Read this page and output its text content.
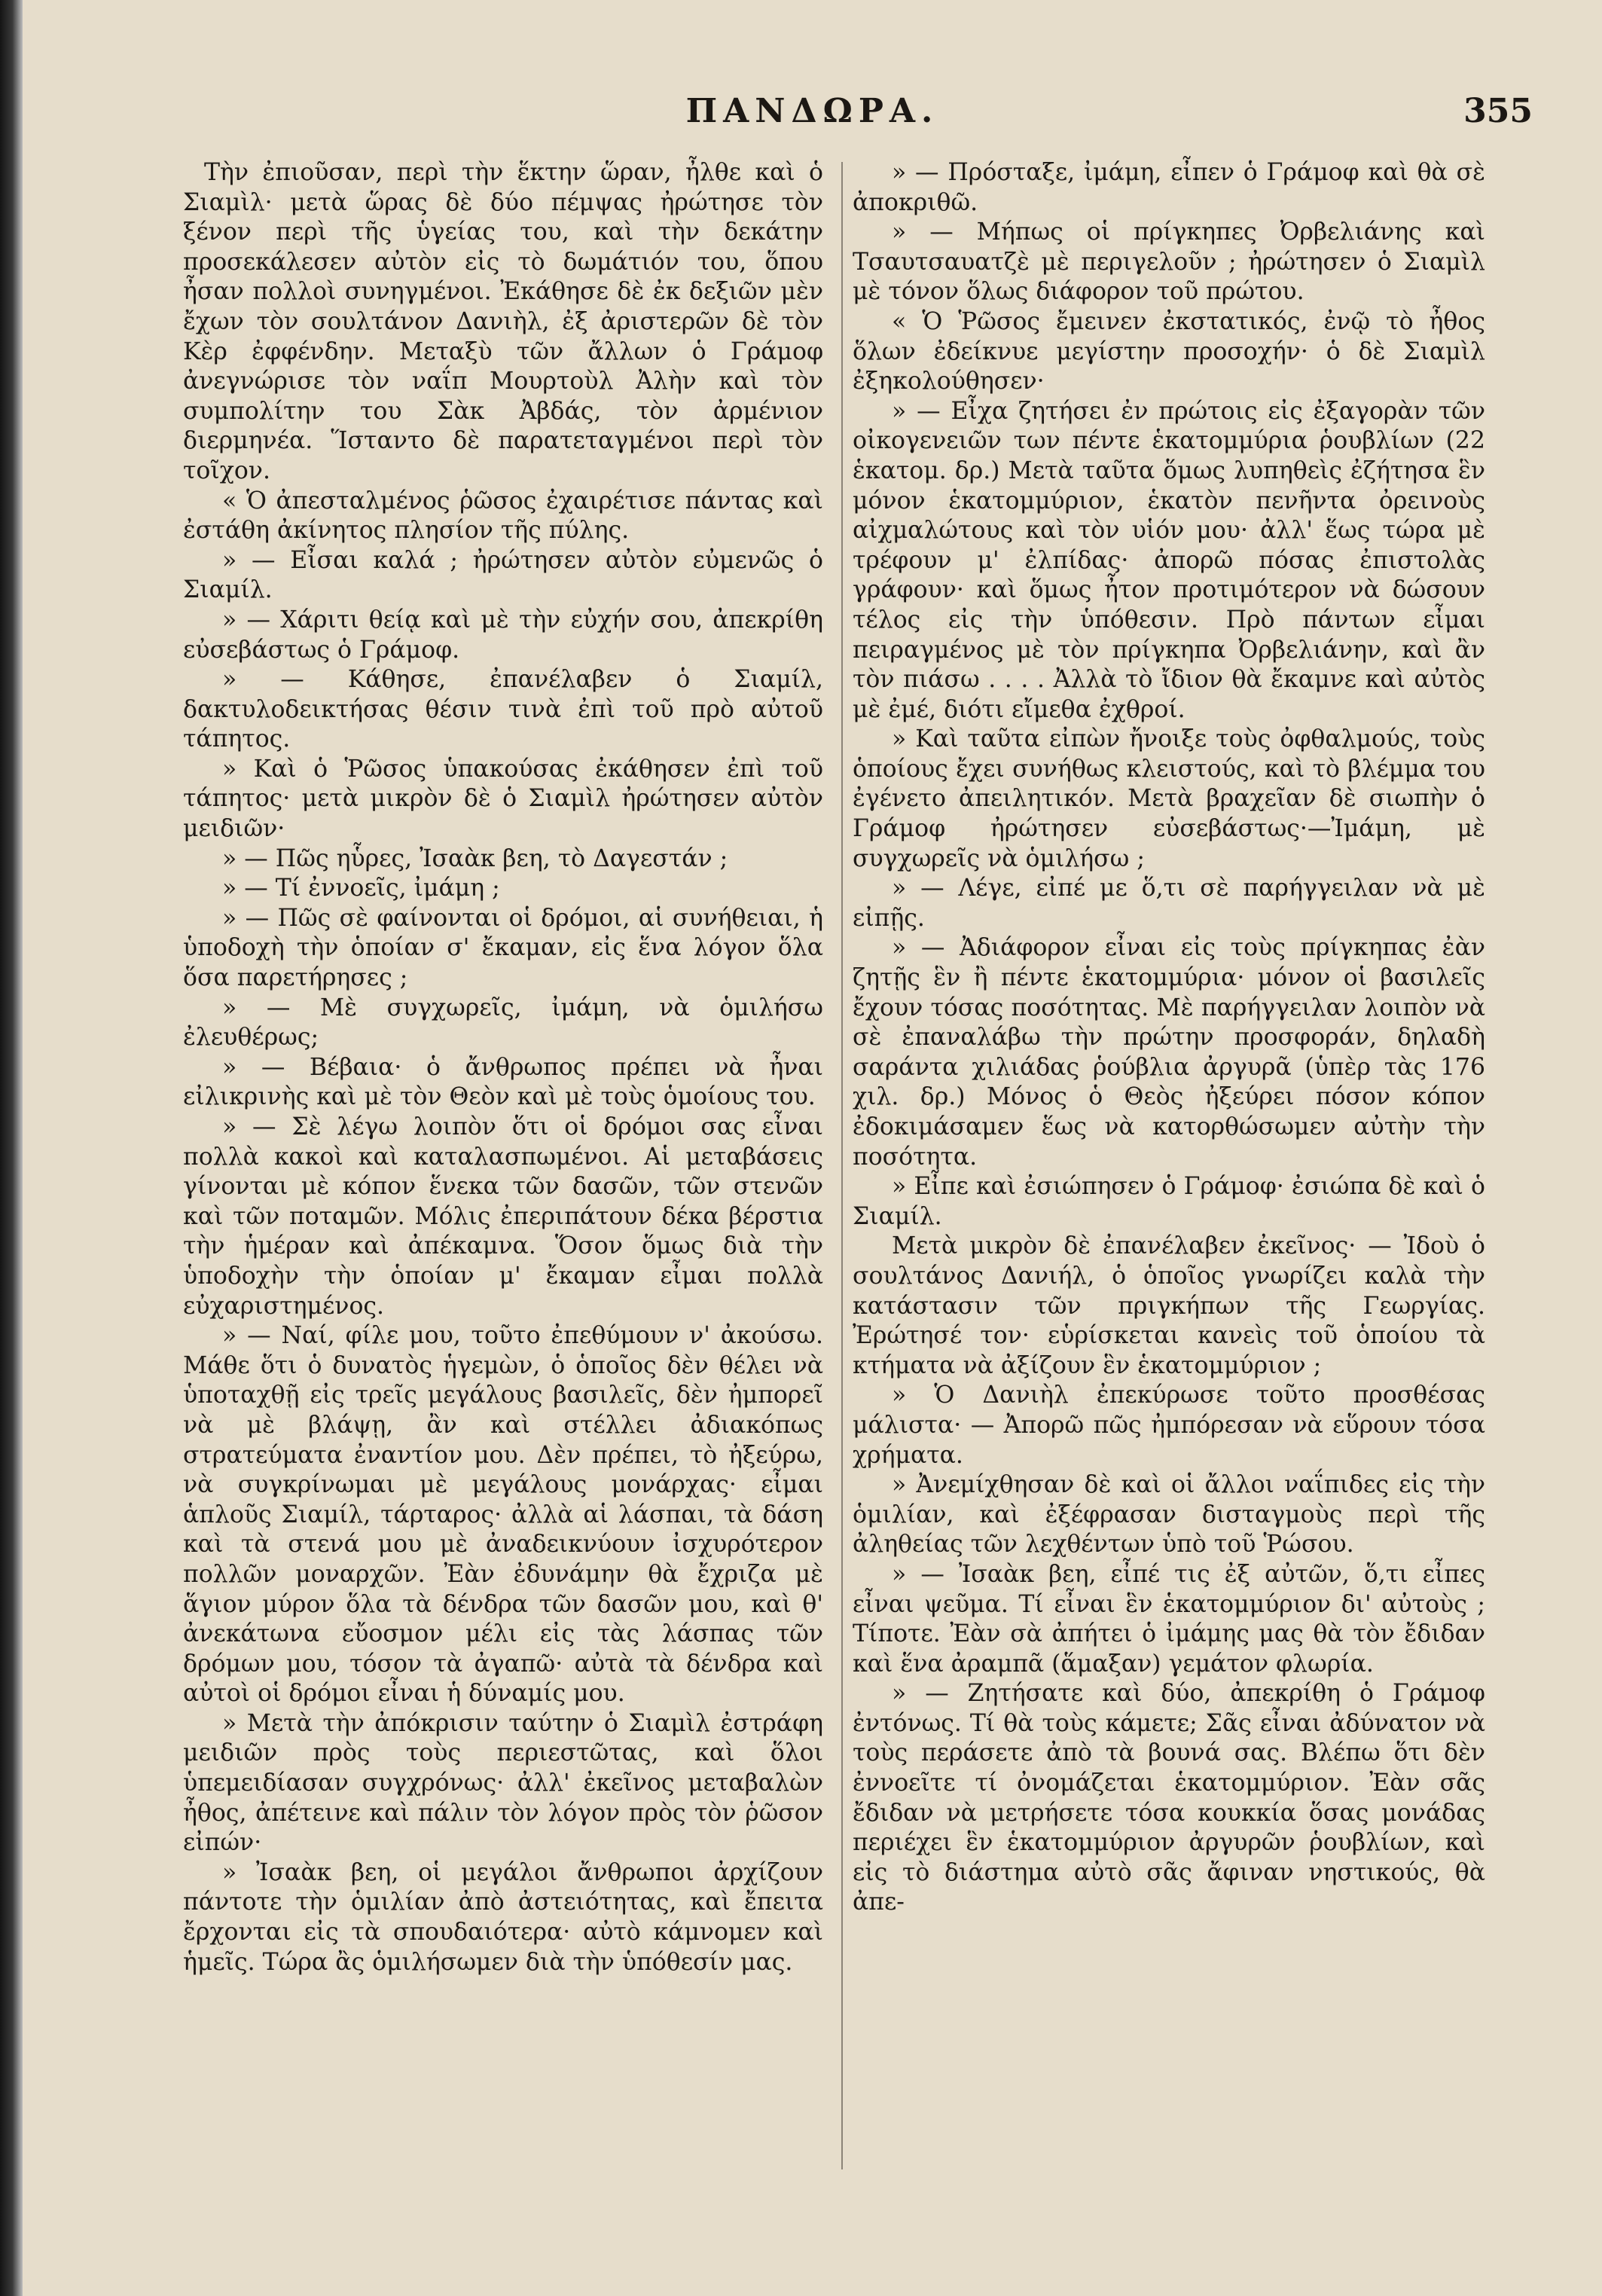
ΠΑΝΔΩΡΑ.	355

Τὴν ἐπιοῦσαν, περὶ τὴν ἕκτην ὥραν, ἦλθε καὶ ὁ Σιαμὶλ· μετὰ ὥρας δὲ δύο πέμψας ἠρώτησε τὸν ξένον περὶ τῆς ὑγείας του, καὶ τὴν δεκάτην προσεκάλεσεν αὐτὸν εἰς τὸ δωμάτιόν του, ὅπου ἦσαν πολλοὶ συνηγμένοι. Ἐκάθησε δὲ ἐκ δεξιῶν μὲν ἔχων τὸν σουλτάνον Δανιὴλ, ἐξ ἀριστερῶν δὲ τὸν Κὲρ ἐφφένδην. Μεταξὺ τῶν ἄλλων ὁ Γράμοφ ἀνεγνώρισε τὸν ναΐπ Μουρτοὺλ Ἀλὴν καὶ τὸν συμπολίτην του Σὰκ Ἀβδάς, τὸν ἀρμένιον διερμηνέα. Ἵσταντο δὲ παρατεταγμένοι περὶ τὸν τοῖχον.

« Ὁ ἀπεσταλμένος ῥῶσος ἐχαιρέτισε πάντας καὶ ἐστάθη ἀκίνητος πλησίον τῆς πύλης.

» — Εἶσαι καλά ; ἠρώτησεν αὐτὸν εὐμενῶς ὁ Σιαμίλ.

» — Χάριτι θείᾳ καὶ μὲ τὴν εὐχήν σου, ἀπεκρίθη εὐσεβάστως ὁ Γράμοφ.

» — Κάθησε, ἐπανέλαβεν ὁ Σιαμίλ, δακτυλοδεικτήσας θέσιν τινὰ ἐπὶ τοῦ πρὸ αὐτοῦ τάπητος.

» Καὶ ὁ Ῥῶσος ὑπακούσας ἐκάθησεν ἐπὶ τοῦ τάπητος· μετὰ μικρὸν δὲ ὁ Σιαμὶλ ἠρώτησεν αὐτὸν μειδιῶν·

» — Πῶς ηὗρες, Ἰσαὰκ βεη, τὸ Δαγεστάν ;

» — Τί ἐννοεῖς, ἰμάμη ;

» — Πῶς σὲ φαίνονται οἱ δρόμοι, αἱ συνήθειαι, ἡ ὑποδοχὴ τὴν ὁποίαν σ' ἔκαμαν, εἰς ἕνα λόγον ὅλα ὅσα παρετήρησες ;

» — Μὲ συγχωρεῖς, ἰμάμη, νὰ ὁμιλήσω ἐλευθέρως;

» — Βέβαια· ὁ ἄνθρωπος πρέπει νὰ ἦναι εἰλικρινὴς καὶ μὲ τὸν Θεὸν καὶ μὲ τοὺς ὁμοίους του.

» — Σὲ λέγω λοιπὸν ὅτι οἱ δρόμοι σας εἶναι πολλὰ κακοὶ καὶ καταλασπωμένοι. Αἱ μεταβάσεις γίνονται μὲ κόπον ἕνεκα τῶν δασῶν, τῶν στενῶν καὶ τῶν ποταμῶν. Μόλις ἐπεριπάτουν δέκα βέρστια τὴν ἡμέραν καὶ ἀπέκαμνα. Ὅσον ὅμως διὰ τὴν ὑποδοχὴν τὴν ὁποίαν μ' ἔκαμαν εἶμαι πολλὰ εὐχαριστημένος.

» — Ναί, φίλε μου, τοῦτο ἐπεθύμουν ν' ἀκούσω. Μάθε ὅτι ὁ δυνατὸς ἡγεμὼν, ὁ ὁποῖος δὲν θέλει νὰ ὑποταχθῇ εἰς τρεῖς μεγάλους βασιλεῖς, δὲν ἠμπορεῖ νὰ μὲ βλάψῃ, ἂν καὶ στέλλει ἀδιακόπως στρατεύματα ἐναντίον μου. Δὲν πρέπει, τὸ ἠξεύρω, νὰ συγκρίνωμαι μὲ μεγάλους μονάρχας· εἶμαι ἁπλοῦς Σιαμίλ, τάρταρος· ἀλλὰ αἱ λάσπαι, τὰ δάση καὶ τὰ στενά μου μὲ ἀναδεικνύουν ἰσχυρότερον πολλῶν μοναρχῶν. Ἐὰν ἐδυνάμην θὰ ἔχριζα μὲ ἅγιον μύρον ὅλα τὰ δένδρα τῶν δασῶν μου, καὶ θ' ἀνεκάτωνα εὔοσμον μέλι εἰς τὰς λάσπας τῶν δρόμων μου, τόσον τὰ ἀγαπῶ· αὐτὰ τὰ δένδρα καὶ αὐτοὶ οἱ δρόμοι εἶναι ἡ δύναμίς μου.

» Μετὰ τὴν ἀπόκρισιν ταύτην ὁ Σιαμὶλ ἐστράφη μειδιῶν πρὸς τοὺς περιεστῶτας, καὶ ὅλοι ὑπεμειδίασαν συγχρόνως· ἀλλ' ἐκεῖνος μεταβαλὼν ἦθος, ἀπέτεινε καὶ πάλιν τὸν λόγον πρὸς τὸν ῥῶσον εἰπών·

» Ἰσαὰκ βεη, οἱ μεγάλοι ἄνθρωποι ἀρχίζουν πάντοτε τὴν ὁμιλίαν ἀπὸ ἀστειότητας, καὶ ἔπειτα ἔρχονται εἰς τὰ σπουδαιότερα· αὐτὸ κάμνομεν καὶ ἡμεῖς. Τώρα ἂς ὁμιλήσωμεν διὰ τὴν ὑπόθεσίν μας.

» — Πρόσταξε, ἰμάμη, εἶπεν ὁ Γράμοφ καὶ θὰ σὲ ἀποκριθῶ.

» — Μήπως οἱ πρίγκηπες Ὀρβελιάνης καὶ Τσαυτσαυατζὲ μὲ περιγελοῦν ; ἠρώτησεν ὁ Σιαμὶλ μὲ τόνον ὅλως διάφορον τοῦ πρώτου.

« Ὁ Ῥῶσος ἔμεινεν ἐκστατικός, ἐνῷ τὸ ἦθος ὅλων ἐδείκνυε μεγίστην προσοχήν· ὁ δὲ Σιαμὶλ ἐξηκολούθησεν·

» — Εἶχα ζητήσει ἐν πρώτοις εἰς ἐξαγορὰν τῶν οἰκογενειῶν των πέντε ἑκατομμύρια ῥουβλίων (22 ἑκατομ. δρ.) Μετὰ ταῦτα ὅμως λυπηθεὶς ἐζήτησα ἓν μόνον ἑκατομμύριον, ἑκατὸν πενῆντα ὀρεινοὺς αἰχμαλώτους καὶ τὸν υἱόν μου· ἀλλ' ἕως τώρα μὲ τρέφουν μ' ἐλπίδας· ἀπορῶ πόσας ἐπιστολὰς γράφουν· καὶ ὅμως ἦτον προτιμότερον νὰ δώσουν τέλος εἰς τὴν ὑπόθεσιν. Πρὸ πάντων εἶμαι πειραγμένος μὲ τὸν πρίγκηπα Ὀρβελιάνην, καὶ ἂν τὸν πιάσω . . . . Ἀλλὰ τὸ ἴδιον θὰ ἔκαμνε καὶ αὐτὸς μὲ ἐμέ, διότι εἴμεθα ἐχθροί.

» Καὶ ταῦτα εἰπὼν ἤνοιξε τοὺς ὀφθαλμούς, τοὺς ὁποίους ἔχει συνήθως κλειστούς, καὶ τὸ βλέμμα του ἐγένετο ἀπειλητικόν. Μετὰ βραχεῖαν δὲ σιωπὴν ὁ Γράμοφ ἠρώτησεν εὐσεβάστως·—Ἰμάμη, μὲ συγχωρεῖς νὰ ὁμιλήσω ;

» — Λέγε, εἰπέ με ὅ,τι σὲ παρήγγειλαν νὰ μὲ εἰπῇς.

» — Ἀδιάφορον εἶναι εἰς τοὺς πρίγκηπας ἐὰν ζητῇς ἓν ἢ πέντε ἑκατομμύρια· μόνον οἱ βασιλεῖς ἔχουν τόσας ποσότητας. Μὲ παρήγγειλαν λοιπὸν νὰ σὲ ἐπαναλάβω τὴν πρώτην προσφοράν, δηλαδὴ σαράντα χιλιάδας ῥούβλια ἀργυρᾶ (ὑπὲρ τὰς 176 χιλ. δρ.) Μόνος ὁ Θεὸς ἠξεύρει πόσον κόπον ἐδοκιμάσαμεν ἕως νὰ κατορθώσωμεν αὐτὴν τὴν ποσότητα.

» Εἶπε καὶ ἐσιώπησεν ὁ Γράμοφ· ἐσιώπα δὲ καὶ ὁ Σιαμίλ.

Μετὰ μικρὸν δὲ ἐπανέλαβεν ἐκεῖνος· — Ἰδοὺ ὁ σουλτάνος Δανιήλ, ὁ ὁποῖος γνωρίζει καλὰ τὴν κατάστασιν τῶν πριγκήπων τῆς Γεωργίας. Ἐρώτησέ τον· εὑρίσκεται κανεὶς τοῦ ὁποίου τὰ κτήματα νὰ ἀξίζουν ἓν ἑκατομμύριον ;

» Ὁ Δανιὴλ ἐπεκύρωσε τοῦτο προσθέσας μάλιστα· — Ἀπορῶ πῶς ἠμπόρεσαν νὰ εὕρουν τόσα χρήματα.

» Ἀνεμίχθησαν δὲ καὶ οἱ ἄλλοι ναΐπιδες εἰς τὴν ὁμιλίαν, καὶ ἐξέφρασαν δισταγμοὺς περὶ τῆς ἀληθείας τῶν λεχθέντων ὑπὸ τοῦ Ῥώσου.

» — Ἰσαὰκ βεη, εἶπέ τις ἐξ αὐτῶν, ὅ,τι εἶπες εἶναι ψεῦμα. Τί εἶναι ἓν ἑκατομμύριον δι' αὐτοὺς ; Τίποτε. Ἐὰν σὰ ἀπήτει ὁ ἰμάμης μας θὰ τὸν ἔδιδαν καὶ ἕνα ἀραμπᾶ (ἅμαξαν) γεμάτον φλωρία.

» — Ζητήσατε καὶ δύο, ἀπεκρίθη ὁ Γράμοφ ἐντόνως. Τί θὰ τοὺς κάμετε; Σᾶς εἶναι ἀδύνατον νὰ τοὺς περάσετε ἀπὸ τὰ βουνά σας. Βλέπω ὅτι δὲν ἐννοεῖτε τί ὀνομάζεται ἑκατομμύριον. Ἐὰν σᾶς ἔδιδαν νὰ μετρήσετε τόσα κουκκία ὅσας μονάδας περιέχει ἓν ἑκατομμύριον ἀργυρῶν ῥουβλίων, καὶ εἰς τὸ διάστημα αὐτὸ σᾶς ἄφιναν νηστικούς, θὰ ἀπε-
